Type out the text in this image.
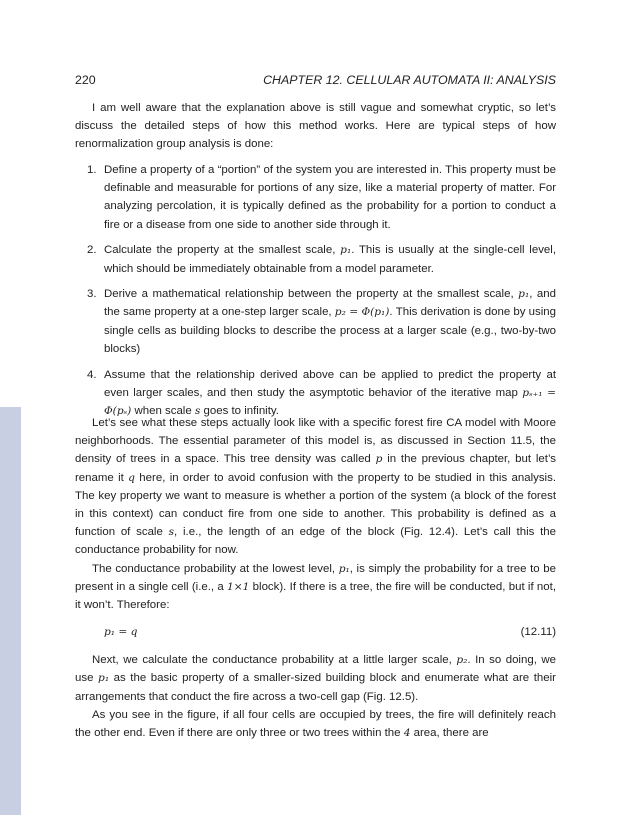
220	CHAPTER 12. CELLULAR AUTOMATA II: ANALYSIS

I am well aware that the explanation above is still vague and somewhat cryptic, so let’s discuss the detailed steps of how this method works. Here are typical steps of how renormalization group analysis is done:

1. Define a property of a “portion” of the system you are interested in. This property must be definable and measurable for portions of any size, like a material property of matter. For analyzing percolation, it is typically defined as the probability for a portion to conduct a fire or a disease from one side to another side through it.
2. Calculate the property at the smallest scale, p₁. This is usually at the single-cell level, which should be immediately obtainable from a model parameter.
3. Derive a mathematical relationship between the property at the smallest scale, p₁, and the same property at a one-step larger scale, p₂ = Φ(p₁). This derivation is done by using single cells as building blocks to describe the process at a larger scale (e.g., two-by-two blocks)
4. Assume that the relationship derived above can be applied to predict the property at even larger scales, and then study the asymptotic behavior of the iterative map pₛ₊₁ = Φ(pₛ) when scale s goes to infinity.

Let’s see what these steps actually look like with a specific forest fire CA model with Moore neighborhoods. The essential parameter of this model is, as discussed in Section 11.5, the density of trees in a space. This tree density was called p in the previous chapter, but let’s rename it q here, in order to avoid confusion with the property to be studied in this analysis. The key property we want to measure is whether a portion of the system (a block of the forest in this context) can conduct fire from one side to another. This probability is defined as a function of scale s, i.e., the length of an edge of the block (Fig. 12.4). Let’s call this the conductance probability for now.

The conductance probability at the lowest level, p₁, is simply the probability for a tree to be present in a single cell (i.e., a 1×1 block). If there is a tree, the fire will be conducted, but if not, it won’t. Therefore:

p₁ = q	(12.11)

Next, we calculate the conductance probability at a little larger scale, p₂. In so doing, we use p₁ as the basic property of a smaller-sized building block and enumerate what are their arrangements that conduct the fire across a two-cell gap (Fig. 12.5).

As you see in the figure, if all four cells are occupied by trees, the fire will definitely reach the other end. Even if there are only three or two trees within the 4 area, there are
